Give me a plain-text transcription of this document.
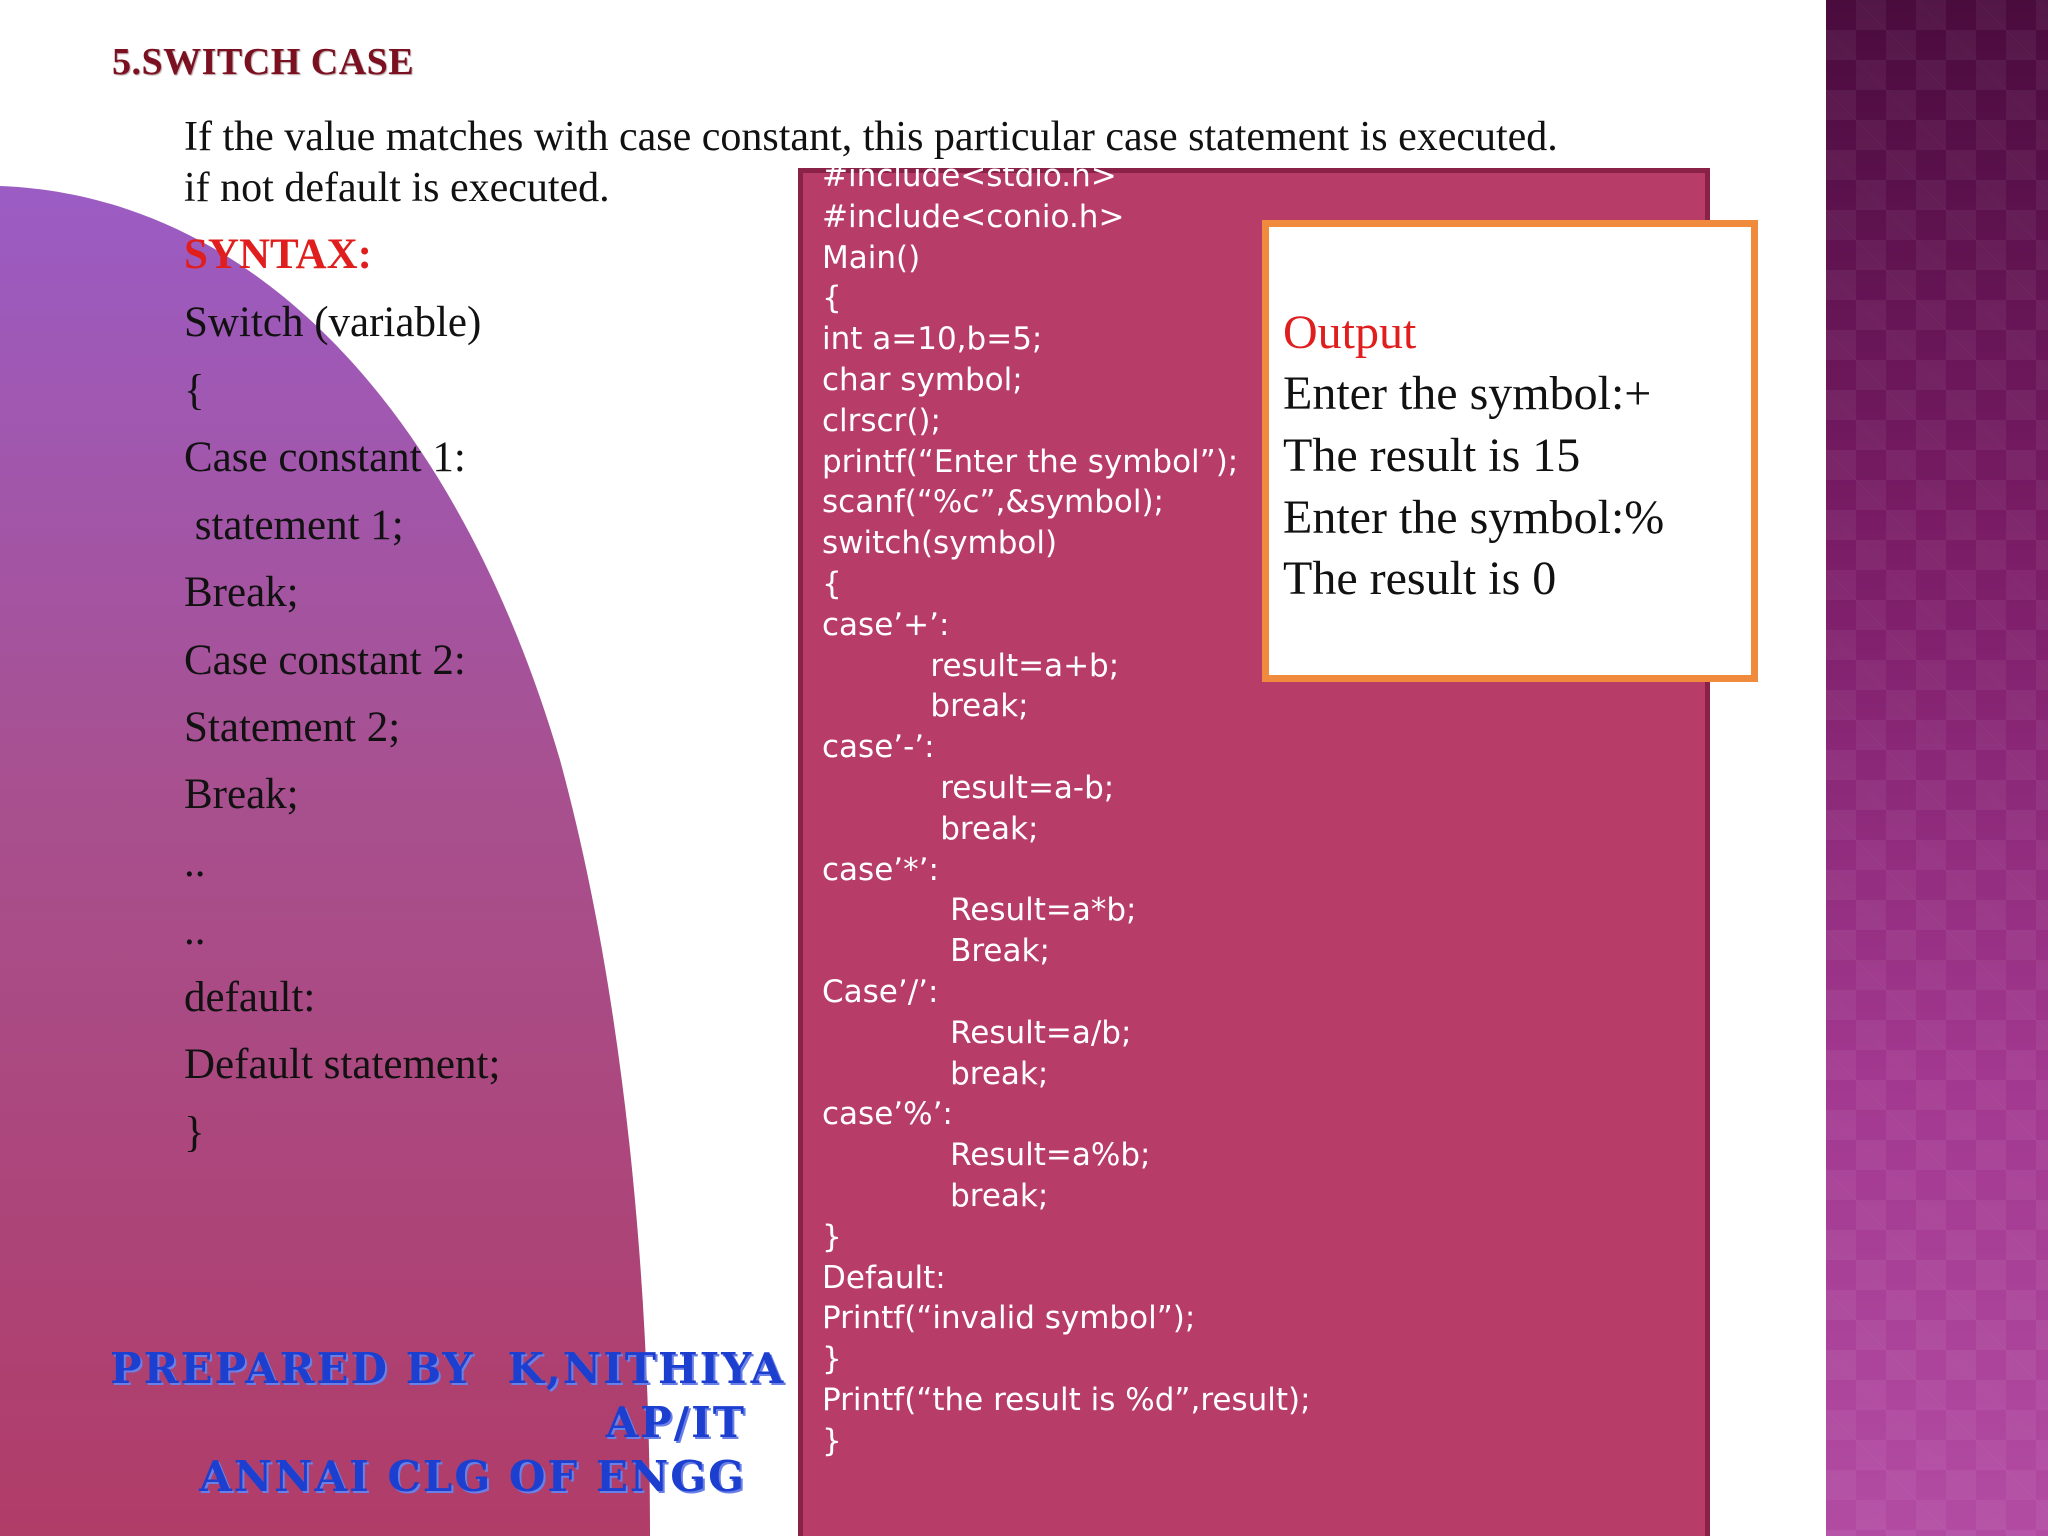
5.SWITCH CASE
If the value matches with case constant, this particular case statement is executed.
if not default is executed.
SYNTAX:
Switch (variable)
{
Case constant 1:
statement 1;
Break;
Case constant 2:
Statement 2;
Break;
..
..
default:
Default statement;
}
#include<stdio.h>
#include<conio.h>
Main()
{
int a=10,b=5;
char symbol;
clrscr();
printf(“Enter the symbol”);
scanf(“%c”,&symbol);
switch(symbol)
{
case’+’:
result=a+b;
break;
case’-’:
result=a-b;
break;
case’*’:
Result=a*b;
Break;
Case’/’:
Result=a/b;
break;
case’%’:
Result=a%b;
break;
}
Default:
Printf(“invalid symbol”);
}
Printf(“the result is %d”,result);
}
Output
Enter the symbol:+
The result is 15
Enter the symbol:%
The result is 0
PREPARED BY  K,NITHIYA
AP/IT
ANNAI CLG OF ENGG
